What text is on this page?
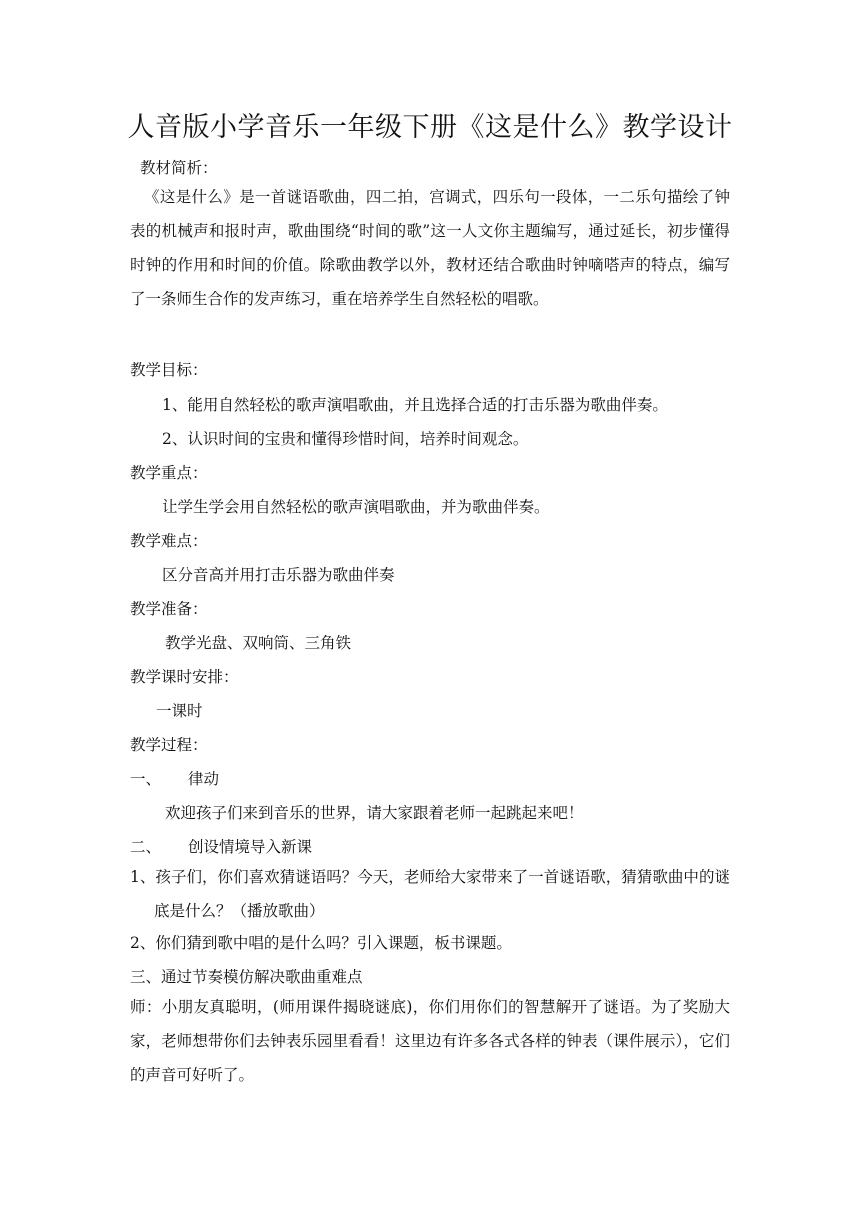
人音版小学音乐一年级下册《这是什么》教学设计
教材简析：
《这是什么》是一首谜语歌曲，四二拍，宫调式，四乐句一段体，一二乐句描绘了钟表的机械声和报时声，歌曲围绕“时间的歌”这一人文你主题编写，通过延长，初步懂得时钟的作用和时间的价值。除歌曲教学以外，教材还结合歌曲时钟嘀嗒声的特点，编写了一条师生合作的发声练习，重在培养学生自然轻松的唱歌。
教学目标：
1、能用自然轻松的歌声演唱歌曲，并且选择合适的打击乐器为歌曲伴奏。
2、认识时间的宝贵和懂得珍惜时间，培养时间观念。
教学重点：
让学生学会用自然轻松的歌声演唱歌曲，并为歌曲伴奏。
教学难点：
区分音高并用打击乐器为歌曲伴奏
教学准备：
教学光盘、双响筒、三角铁
教学课时安排：
一课时
教学过程：
一、 律动
欢迎孩子们来到音乐的世界，请大家跟着老师一起跳起来吧！
二、 创设情境导入新课
1、孩子们，你们喜欢猜谜语吗？今天，老师给大家带来了一首谜语歌，猜猜歌曲中的谜底是什么？（播放歌曲）
2、你们猜到歌中唱的是什么吗？引入课题，板书课题。
三、通过节奏模仿解决歌曲重难点
师：小朋友真聪明，(师用课件揭晓谜底)，你们用你们的智慧解开了谜语。为了奖励大家，老师想带你们去钟表乐园里看看！这里边有许多各式各样的钟表（课件展示），它们的声音可好听了。
